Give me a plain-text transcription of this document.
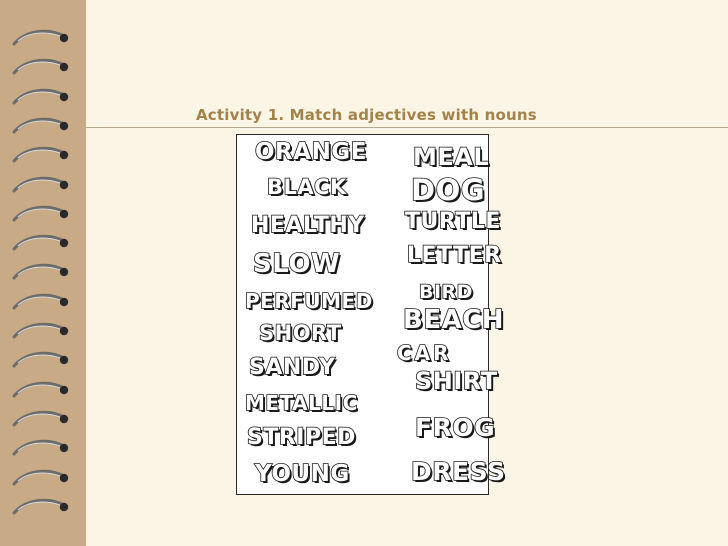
Activity 1. Match adjectives with nouns
ORANGE
BLACK
HEALTHY
SLOW
PERFUMED
SHORT
SANDY
METALLIC
STRIPED
YOUNG
MEAL
DOG
TURTLE
LETTER
BIRD
BEACH
CAR
SHIRT
FROG
DRESS
